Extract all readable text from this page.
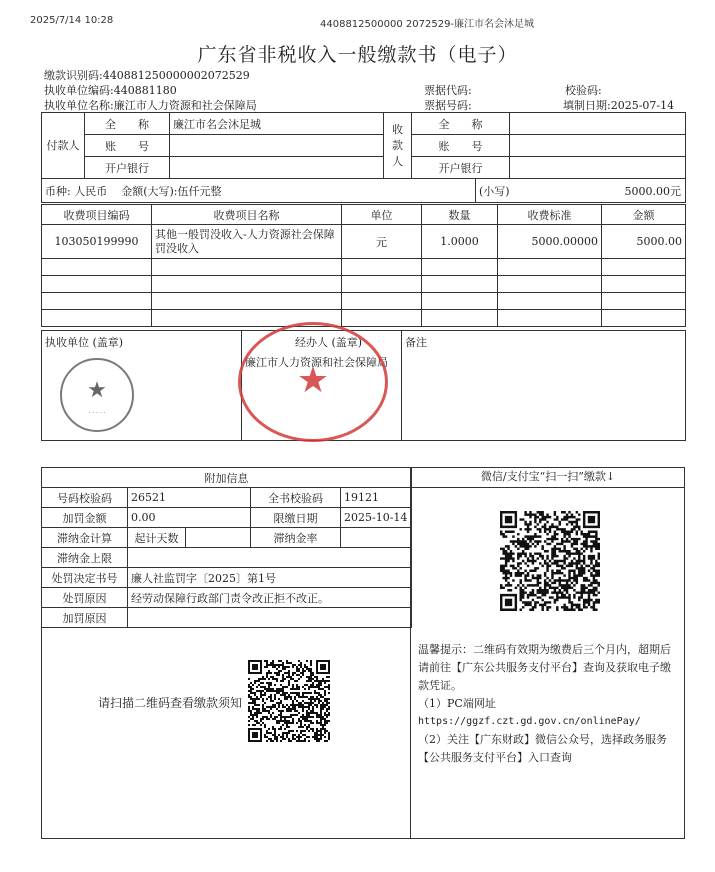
2025/7/14 10:28	4408812500000 2072529-廉江市名会沐足城
广东省非税收入一般缴款书（电子）
缴款识别码:440881250000002072529
执收单位编码:440881180
执收单位名称:廉江市人力资源和社会保障局
票据代码:
票据号码:
校验码:
填制日期:2025-07-14
付款人	全　　称	廉江市名会沐足城	收款人	全　　称	
	账　　号			账　　号	
	开户银行			开户银行	
币种: 人民币 金额(大写):伍仟元整	(小写)	5000.00元
收费项目编码	收费项目名称	单位	数量	收费标准	金额
103050199990	其他一般罚没收入-人力资源社会保障罚没收入	元	1.0000	5000.00000	5000.00

执收单位 (盖章)	经办人 (盖章)
廉江市人力资源和社会保障局
	备注
★
· · · · ·
★
附加信息				
号码校验码	26521		全书校验码	19121
加罚金额	0.00		限缴日期	2025-10-14
滞纳金计算	起计天数		滞纳金率	
滞纳金上限				
处罚决定书号	廉人社监罚字〔2025〕第1号			
处罚原因	经劳动保障行政部门责令改正拒不改正。			
加罚原因				
请扫描二维码查看缴款须知
微信/支付宝“扫一扫”缴款↓
温馨提示：二维码有效期为缴费后三个月内，超期后请前往【广东公共服务支付平台】查询及获取电子缴款凭证。
（1）PC端网址
https://ggzf.czt.gd.gov.cn/onlinePay/
（2）关注【广东财政】微信公众号，选择政务服务【公共服务支付平台】入口查询
